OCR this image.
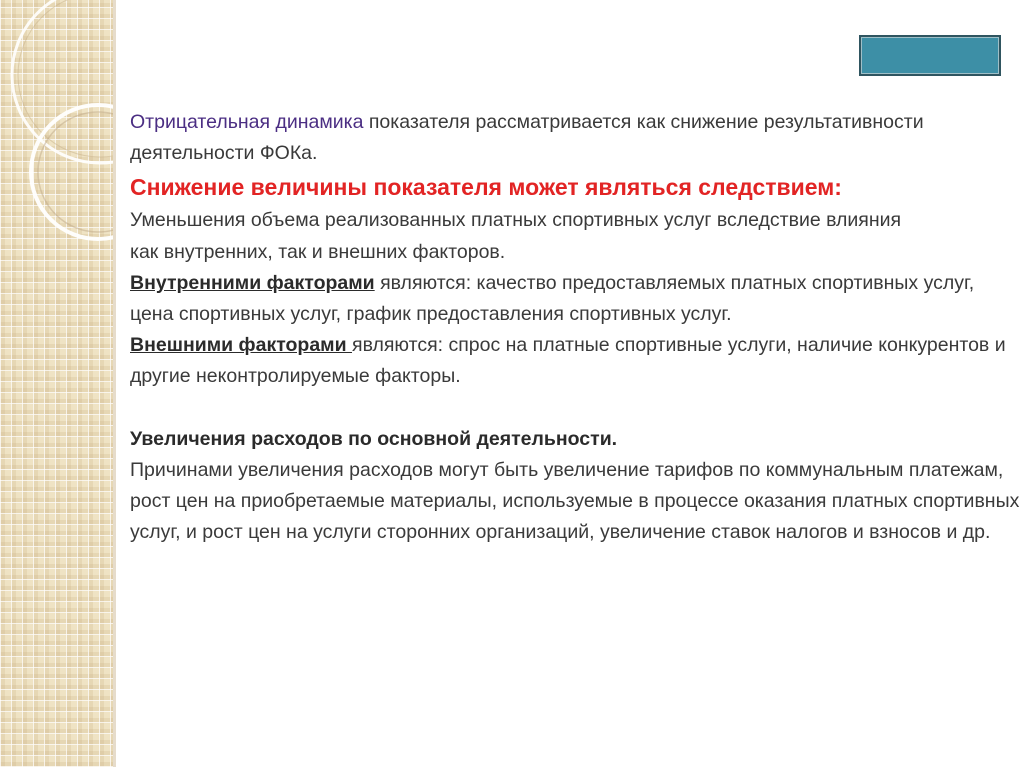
Отрицательная динамика показателя рассматривается как снижение результативности деятельности ФОКа.

Снижение величины показателя может являться следствием:

Уменьшения объема реализованных платных спортивных услуг вследствие влияния

как внутренних, так и внешних факторов.

Внутренними факторами являются: качество предоставляемых платных спортивных услуг, цена спортивных услуг, график предоставления спортивных услуг.

Внешними факторами являются: спрос на платные спортивные услуги, наличие конкурентов и другие неконтролируемые факторы.

Увеличения расходов по основной деятельности.

Причинами увеличения расходов могут быть увеличение тарифов по коммунальным платежам, рост цен на приобретаемые материалы, используемые в процессе оказания платных спортивных услуг, и рост цен на услуги сторонних организаций, увеличение ставок налогов и взносов и др.
